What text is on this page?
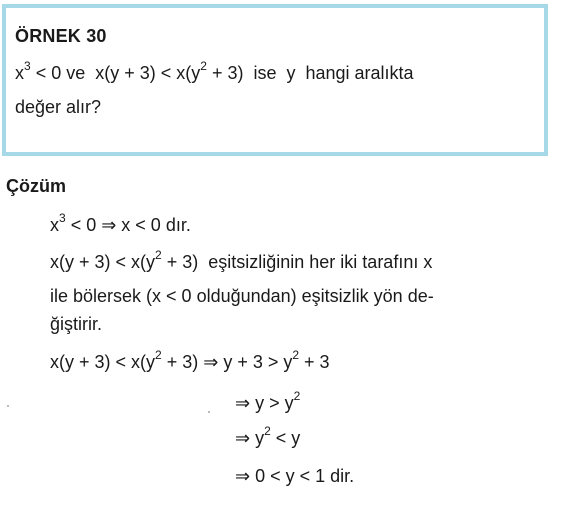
ÖRNEK 30
$x^3 < 0$ ve $x(y + 3) < x(y^2 + 3)$ ise y hangi aralıkta
değer alır?
Çözüm
$x^3 < 0$ ⇒ x < 0 dır.
$x(y + 3) < x(y^2 + 3)$ eşitsizliğinin her iki tarafını x
ile bölersek (x < 0 olduğundan) eşitsizlik yön de-
ğiştirir.
$x(y + 3) < x(y^2 + 3)$ ⇒ $y + 3 > y^2 + 3$
⇒ $y > y^2$
⇒ $y^2 < y$
⇒ 0 < y < 1 dir.
